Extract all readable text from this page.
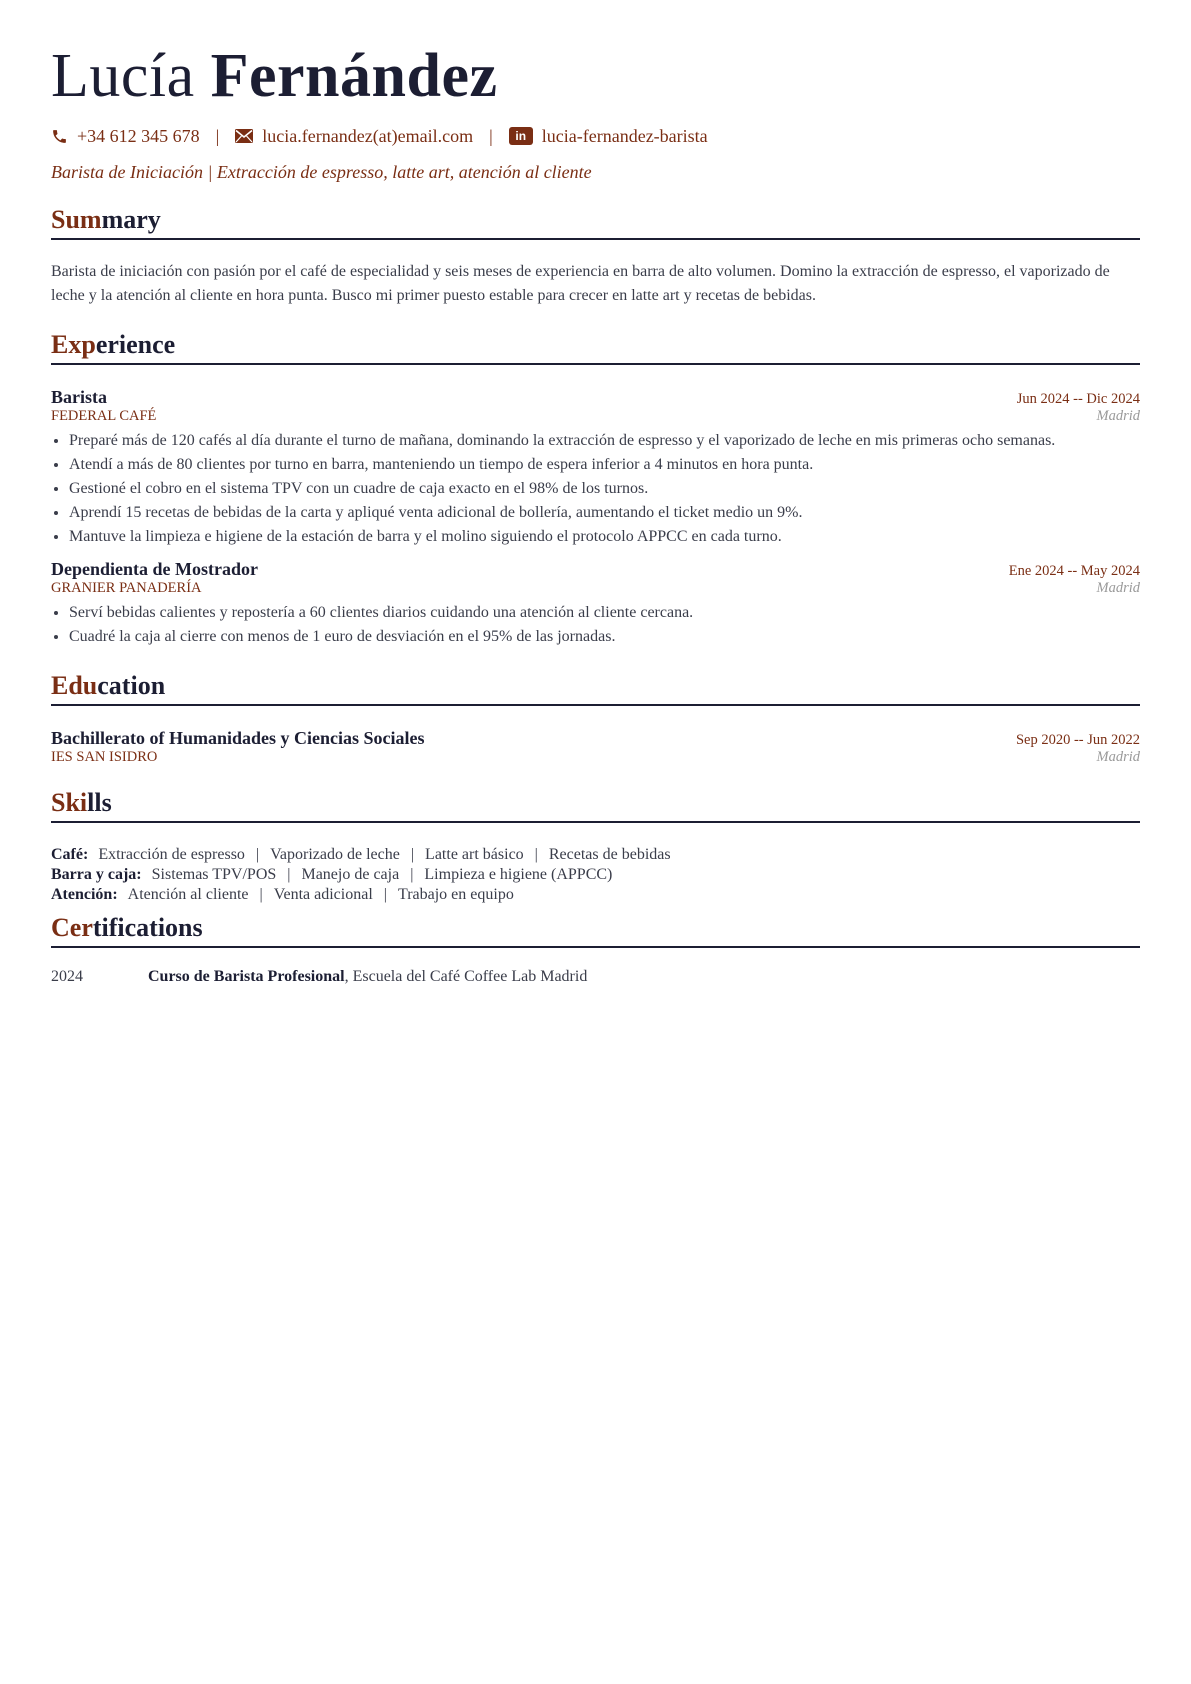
Lucía Fernández
+34 612 345 678 | lucia.fernandez(at)email.com |	in lucia-fernandez-barista
Barista de Iniciación | Extracción de espresso, latte art, atención al cliente
Summary
Barista de iniciación con pasión por el café de especialidad y seis meses de experiencia en barra de alto volumen. Domino la extracción de espresso, el vaporizado de leche y la atención al cliente en hora punta. Busco mi primer puesto estable para crecer en latte art y recetas de bebidas.
Experience
Barista	Jun 2024 -- Dic 2024
FEDERAL CAFÉ	Madrid
• Preparé más de 120 cafés al día durante el turno de mañana, dominando la extracción de espresso y el vaporizado de leche en mis primeras ocho semanas.
• Atendí a más de 80 clientes por turno en barra, manteniendo un tiempo de espera inferior a 4 minutos en hora punta.
• Gestioné el cobro en el sistema TPV con un cuadre de caja exacto en el 98% de los turnos.
• Aprendí 15 recetas de bebidas de la carta y apliqué venta adicional de bollería, aumentando el ticket medio un 9%.
• Mantuve la limpieza e higiene de la estación de barra y el molino siguiendo el protocolo APPCC en cada turno.
Dependienta de Mostrador	Ene 2024 -- May 2024
GRANIER PANADERÍA	Madrid
• Serví bebidas calientes y repostería a 60 clientes diarios cuidando una atención al cliente cercana.
• Cuadré la caja al cierre con menos de 1 euro de desviación en el 95% de las jornadas.
Education
Bachillerato of Humanidades y Ciencias Sociales	Sep 2020 -- Jun 2022
IES SAN ISIDRO	Madrid
Skills
Café: Extracción de espresso | Vaporizado de leche | Latte art básico | Recetas de bebidas
Barra y caja: Sistemas TPV/POS | Manejo de caja | Limpieza e higiene (APPCC)
Atención: Atención al cliente | Venta adicional | Trabajo en equipo
Certifications
2024	Curso de Barista Profesional, Escuela del Café Coffee Lab Madrid
